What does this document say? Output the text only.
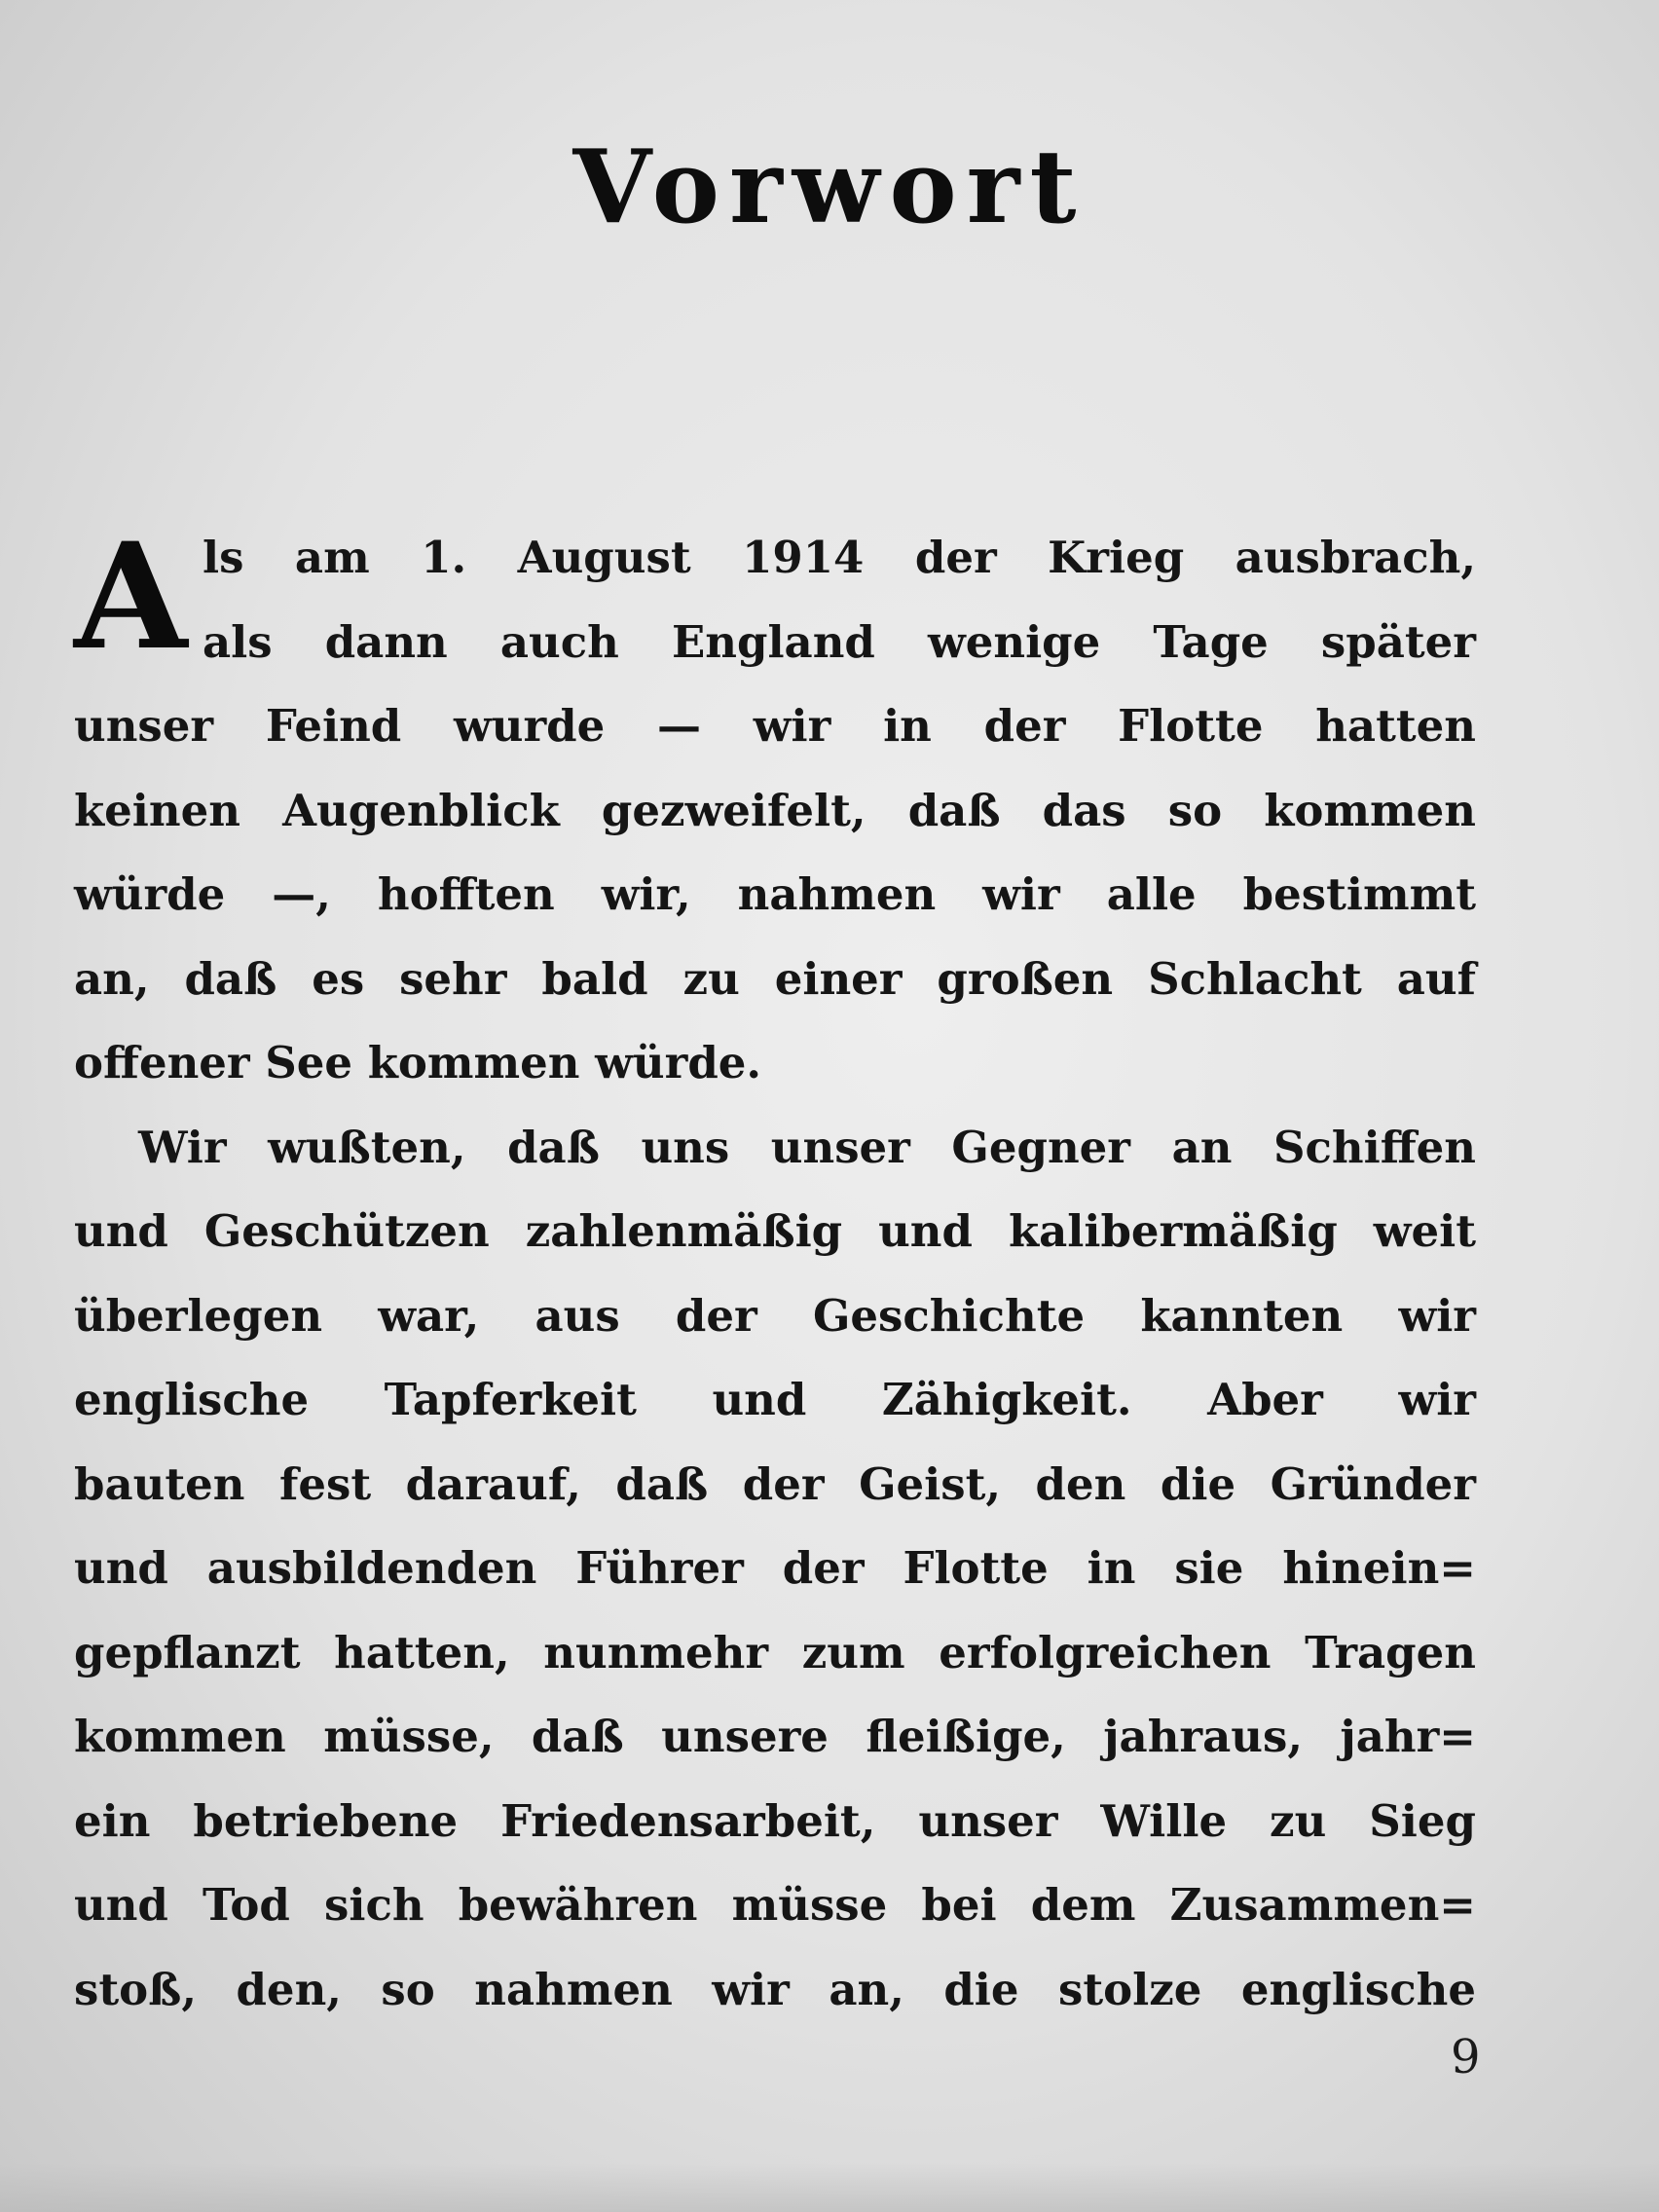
Vorwort
A ls am 1. August 1914 der Krieg ausbrach,
als dann auch England wenige Tage später
unser Feind wurde — wir in der Flotte hatten
keinen Augenblick gezweifelt, daß das so kommen
würde —, hofften wir, nahmen wir alle bestimmt
an, daß es sehr bald zu einer großen Schlacht auf
offener See kommen würde.
Wir wußten, daß uns unser Gegner an Schiffen
und Geschützen zahlenmäßig und kalibermäßig weit
überlegen war, aus der Geschichte kannten wir
englische Tapferkeit und Zähigkeit. Aber wir
bauten fest darauf, daß der Geist, den die Gründer
und ausbildenden Führer der Flotte in sie hinein=
gepflanzt hatten, nunmehr zum erfolgreichen Tragen
kommen müsse, daß unsere fleißige, jahraus, jahr=
ein betriebene Friedensarbeit, unser Wille zu Sieg
und Tod sich bewähren müsse bei dem Zusammen=
stoß, den, so nahmen wir an, die stolze englische
9
